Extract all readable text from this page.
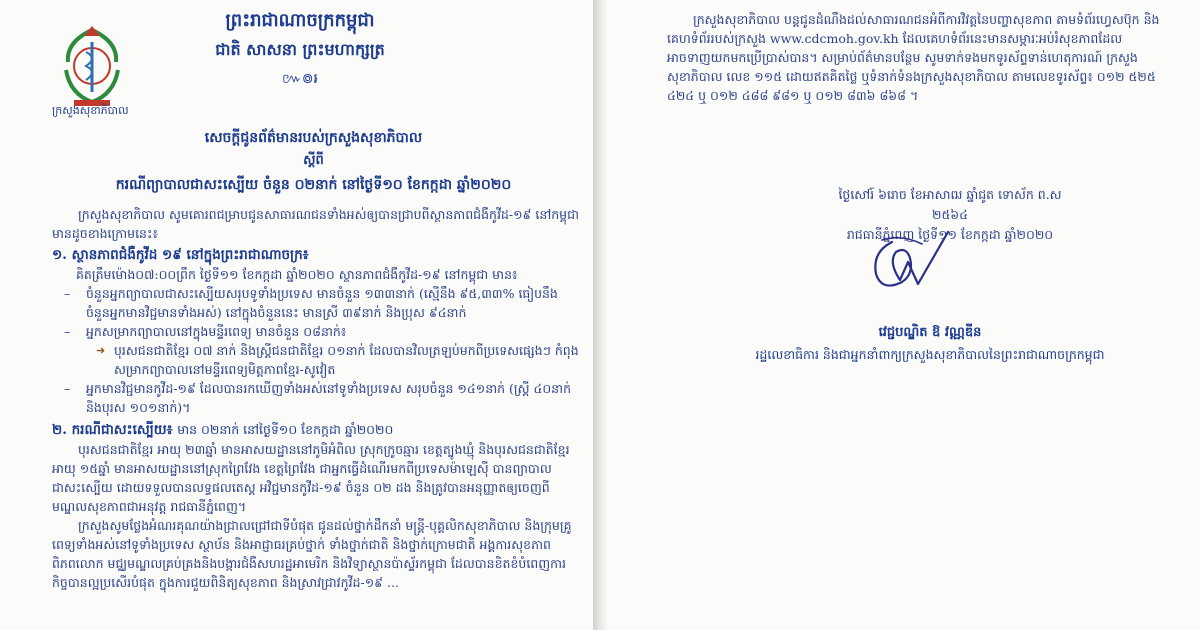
ក្រសួងសុខាភិបាល
ព្រះរាជាណាចក្រកម្ពុជា
ជាតិ សាសនា ព្រះមហាក្សត្រ
៚៙៛
សេចក្តីជូនព័ត៌មានរបស់ក្រសួងសុខាភិបាល
ស្តីពី
ករណីព្យាបាលជាសះស្បើយ ចំនួន ០២នាក់ នៅថ្ងៃទី១០ ខែកក្កដា ឆ្នាំ២០២០

ក្រសួងសុខាភិបាល សូមគោរពជម្រាបជូនសាធារណជនទាំងអស់ឲ្យបានជ្រាបពីស្ថានភាពជំងឺកូវីដ-១៩ នៅកម្ពុជា មានដូចខាងក្រោមនេះ៖

១. ស្ថានភាពជំងឺកូវីដ ១៩ នៅក្នុងព្រះរាជាណាចក្រ៖

គិតត្រឹមម៉ោង០៧:០០ព្រឹក ថ្ងៃទី១១ ខែកក្កដា ឆ្នាំ២០២០ ស្ថានភាពជំងឺកូវីដ-១៩ នៅកម្ពុជា មាន៖

– ចំនួនអ្នកព្យាបាលជាសះស្បើយសរុបទូទាំងប្រទេស មានចំនួន ១៣៣នាក់ (ស្មើនឹង ៩៥,៣៣% ធៀបនឹងចំនួនអ្នកមានវិជ្ជមានទាំងអស់) នៅក្នុងចំនួននេះ មានស្រី ៣៩នាក់ និងប្រុស ៩៤នាក់
– អ្នកសម្រាកព្យាបាលនៅក្នុងមន្ទីរពេទ្យ មានចំនួន ០៨នាក់៖
➜ បុរសជនជាតិខ្មែរ ០៧ នាក់ និងស្ត្រីជនជាតិខ្មែរ ០១នាក់ ដែលបានវិលត្រឡប់មកពីប្រទេសផ្សេងៗ កំពុងសម្រាកព្យាបាលនៅមន្ទីរពេទ្យមិត្តភាពខ្មែរ-សូវៀត
– អ្នកមានវិជ្ជមានកូវីដ-១៩ ដែលបានរកឃើញទាំងអស់នៅទូទាំងប្រទេស សរុបចំនួន ១៤១នាក់ (ស្ត្រី ៤០នាក់ និងបុរស ១០១នាក់)។
២. ករណីជាសះស្បើយ៖ មាន ០២នាក់ នៅថ្ងៃទី១០ ខែកក្កដា ឆ្នាំ២០២០

បុរសជនជាតិខ្មែរ អាយុ ២៣ឆ្នាំ មានអាសយដ្ឋាននៅភូមិអំពិល ស្រុកក្រូចឆ្មារ ខេត្តត្បូងឃ្មុំ និងបុរសជនជាតិខ្មែរ អាយុ ១៥ឆ្នាំ មានអាសយដ្ឋាននៅស្រុកព្រៃវែង ខេត្តព្រៃវែង ជាអ្នកធ្វើដំណើរមកពីប្រទេសម៉ាឡេស៊ី បានព្យាបាលជាសះស្បើយ ដោយទទួលបានលទ្ធផលតេស្ត អវិជ្ជមានកូវីដ-១៩ ចំនួន ០២ ដង និងត្រូវបានអនុញ្ញាតឲ្យចេញពីមណ្ឌលសុខភាពជាអនុវត្ត រាជធានីភ្នំពេញ។

ក្រសួងសូមថ្លែងអំណរគុណយ៉ាងជ្រាលជ្រៅជាទីបំផុត ជូនដល់ថ្នាក់ដឹកនាំ មន្ត្រី-បុគ្គលិកសុខាភិបាល និងក្រុមគ្រូពេទ្យទាំងអស់នៅទូទាំងប្រទេស ស្ថាប័ន និងអាជ្ញាធរគ្រប់ថ្នាក់ ទាំងថ្នាក់ជាតិ និងថ្នាក់ក្រោមជាតិ អង្គការសុខភាពពិភពលោក មជ្ឈមណ្ឌលគ្រប់គ្រងនិងបង្ការជំងឺសហរដ្ឋអាមេរិក និងវិទ្យាស្ថានប៉ាស្ទ័រកម្ពុជា ដែលបានខិតខំបំពេញការកិច្ចបានល្អប្រសើរបំផុត ក្នុងការជួយពិនិត្យសុខភាព និងស្រាវជ្រាវកូវីដ-១៩ ...

ក្រសួងសុខាភិបាល បន្តជូនដំណឹងដល់សាធារណជនអំពីការវិវត្តនៃបញ្ហាសុខភាព តាមទំព័រហ្វេសប៊ុក និងគេហទំព័ររបស់ក្រសួង www.cdcmoh.gov.kh ដែលគេហទំព័រនេះមានសម្ភារៈអប់រំសុខភាពដែលអាចទាញយកមកប្រើប្រាស់បាន។ សម្រាប់ព័ត៌មានបន្ថែម សូមទាក់ទងមកទូរស័ព្ទទាន់ហេតុការណ៍ ក្រសួងសុខាភិបាល លេខ ១១៥ ដោយឥតគិតថ្លៃ ឬទំនាក់ទំនងក្រសួងសុខាភិបាល តាមលេខទូរស័ព្ទ៖ ០១២ ៥២៥ ៤២៤ ឬ ០១២ ៤៨៨ ៩៨១ ឬ ០១២ ៨៣៦ ៨៦៨ ។

ថ្ងៃសៅរ៍ ៦រោច ខែអាសាឍ ឆ្នាំជូត ទោស័ក ព.ស ២៥៦៤
រាជធានីភ្នំពេញ ថ្ងៃទី១១ ខែកក្កដា ឆ្នាំ២០២០
វេជ្ជបណ្ឌិត ឱ វណ្ណឌីន
រដ្ឋលេខាធិការ និងជាអ្នកនាំពាក្យក្រសួងសុខាភិបាលនៃព្រះរាជាណាចក្រកម្ពុជា
